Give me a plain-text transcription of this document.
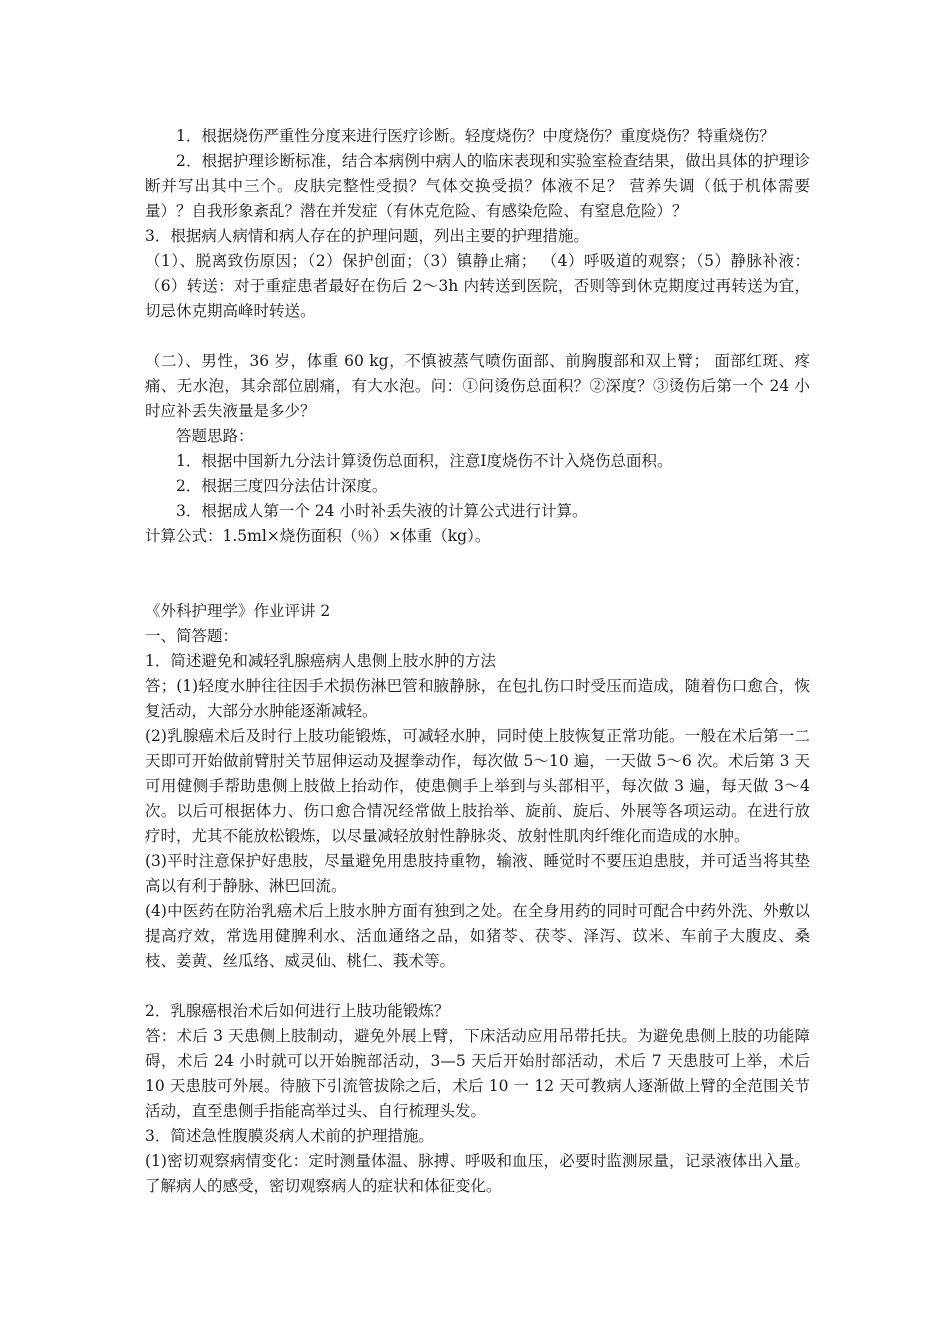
1．根据烧伤严重性分度来进行医疗诊断。轻度烧伤？中度烧伤？重度烧伤？特重烧伤？

2．根据护理诊断标准，结合本病例中病人的临床表现和实验室检查结果，做出具体的护理诊断并写出其中三个。皮肤完整性受损？气体交换受损？体液不足？ 营养失调（低于机体需要量）？自我形象紊乱？潜在并发症（有休克危险、有感染危险、有窒息危险）？

3．根据病人病情和病人存在的护理问题，列出主要的护理措施。

（1）、脱离致伤原因；（2）保护创面；（3）镇静止痛； （4）呼吸道的观察；（5）静脉补液： （6）转送：对于重症患者最好在伤后 2～3h 内转送到医院，否则等到休克期度过再转送为宜，切忌休克期高峰时转送。

（二）、男性，36 岁，体重 60 kg，不慎被蒸气喷伤面部、前胸腹部和双上臂； 面部红斑、疼痛、无水泡，其余部位剧痛，有大水泡。问：①问烫伤总面积？②深度？③烫伤后第一个 24 小时应补丢失液量是多少？

答题思路：

1．根据中国新九分法计算烫伤总面积，注意Ⅰ度烧伤不计入烧伤总面积。

2．根据三度四分法估计深度。

3．根据成人第一个 24 小时补丢失液的计算公式进行计算。

计算公式：1.5ml×烧伤面积（％）×体重（kg）。

《外科护理学》作业评讲 2

一、简答题：

1．简述避免和减轻乳腺癌病人患侧上肢水肿的方法

答；(1)轻度水肿往往因手术损伤淋巴管和腋静脉，在包扎伤口时受压而造成，随着伤口愈合，恢复活动，大部分水肿能逐渐减轻。

(2)乳腺癌术后及时行上肢功能锻炼，可减轻水肿，同时使上肢恢复正常功能。一般在术后第一二天即可开始做前臂肘关节屈伸运动及握拳动作，每次做 5～10 遍，一天做 5～6 次。术后第 3 天可用健侧手帮助患侧上肢做上抬动作，使患侧手上举到与头部相平，每次做 3 遍，每天做 3～4 次。以后可根据体力、伤口愈合情况经常做上肢抬举、旋前、旋后、外展等各项运动。在进行放疗时，尤其不能放松锻炼，以尽量减轻放射性静脉炎、放射性肌肉纤维化而造成的水肿。

(3)平时注意保护好患肢，尽量避免用患肢持重物，输液、睡觉时不要压迫患肢，并可适当将其垫高以有利于静脉、淋巴回流。

(4)中医药在防治乳癌术后上肢水肿方面有独到之处。在全身用药的同时可配合中药外洗、外敷以提高疗效，常选用健脾利水、活血通络之品，如猪苓、茯苓、泽泻、苡米、车前子大腹皮、桑枝、姜黄、丝瓜络、威灵仙、桃仁、莪术等。

2．乳腺癌根治术后如何进行上肢功能锻炼？

答：术后 3 天患侧上肢制动，避免外展上臂，下床活动应用吊带托扶。为避免患侧上肢的功能障碍，术后 24 小时就可以开始腕部活动，3—5 天后开始肘部活动，术后 7 天患肢可上举，术后 10 天患肢可外展。待腋下引流管拔除之后，术后 10 一 12 天可教病人逐渐做上臂的全范围关节活动，直至患侧手指能高举过头、自行梳理头发。

3．简述急性腹膜炎病人术前的护理措施。

(1)密切观察病情变化：定时测量体温、脉搏、呼吸和血压，必要时监测尿量，记录液体出入量。了解病人的感受，密切观察病人的症状和体征变化。
